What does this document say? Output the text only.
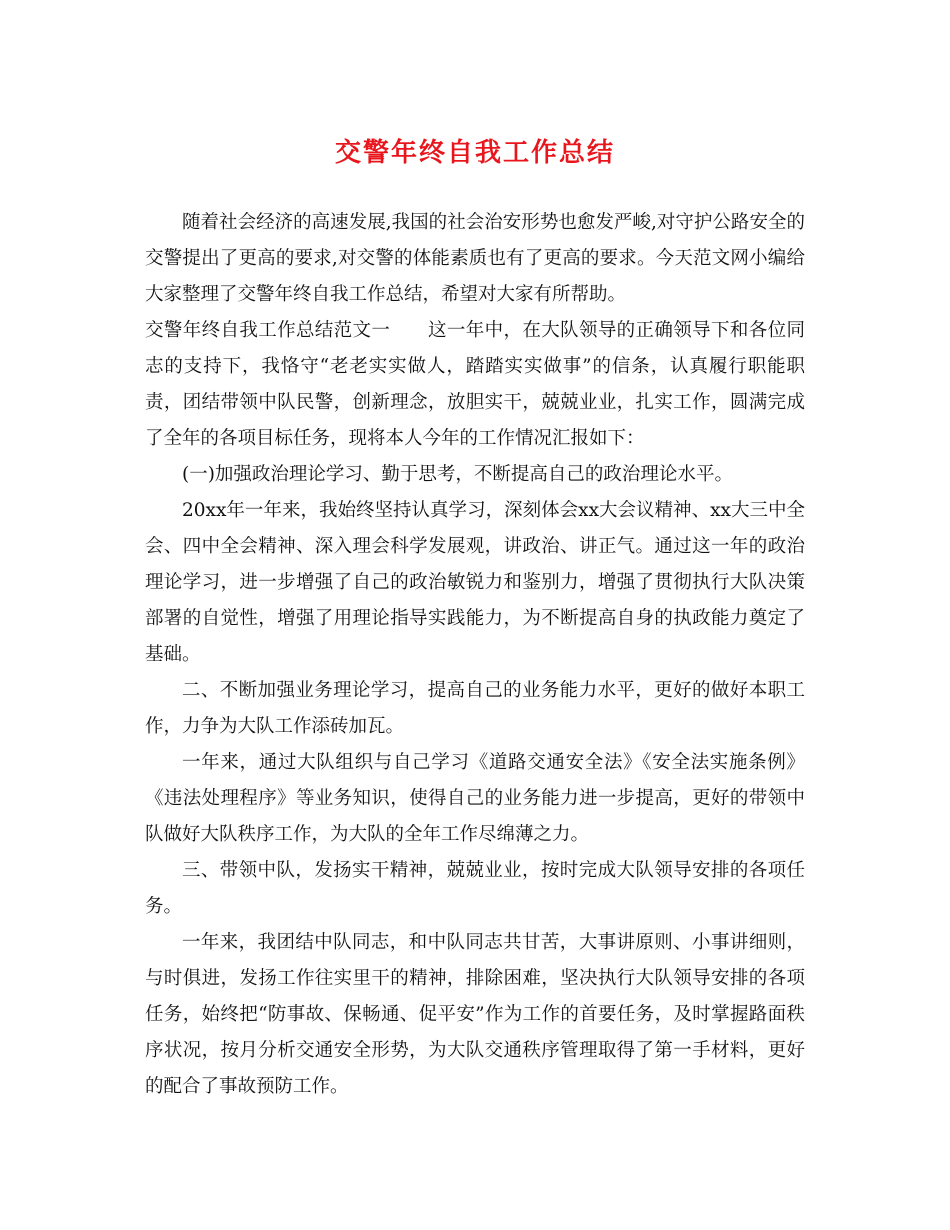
交警年终自我工作总结

随着社会经济的高速发展,我国的社会治安形势也愈发严峻,对守护公路安全的交警提出了更高的要求,对交警的体能素质也有了更高的要求。今天范文网小编给大家整理了交警年终自我工作总结，希望对大家有所帮助。

交警年终自我工作总结范文一　　这一年中，在大队领导的正确领导下和各位同志的支持下，我恪守“老老实实做人，踏踏实实做事”的信条，认真履行职能职责，团结带领中队民警，创新理念，放胆实干，兢兢业业，扎实工作，圆满完成了全年的各项目标任务，现将本人今年的工作情况汇报如下：

(一)加强政治理论学习、勤于思考，不断提高自己的政治理论水平。

20xx年一年来，我始终坚持认真学习，深刻体会xx大会议精神、xx大三中全会、四中全会精神、深入理会科学发展观，讲政治、讲正气。通过这一年的政治理论学习，进一步增强了自己的政治敏锐力和鉴别力，增强了贯彻执行大队决策部署的自觉性，增强了用理论指导实践能力，为不断提高自身的执政能力奠定了基础。

二、不断加强业务理论学习，提高自己的业务能力水平，更好的做好本职工作，力争为大队工作添砖加瓦。

一年来，通过大队组织与自己学习《道路交通安全法》《安全法实施条例》《违法处理程序》等业务知识，使得自己的业务能力进一步提高，更好的带领中队做好大队秩序工作，为大队的全年工作尽绵薄之力。

三、带领中队，发扬实干精神，兢兢业业，按时完成大队领导安排的各项任务。

一年来，我团结中队同志，和中队同志共甘苦，大事讲原则、小事讲细则，与时俱进，发扬工作往实里干的精神，排除困难，坚决执行大队领导安排的各项任务，始终把“防事故、保畅通、促平安”作为工作的首要任务，及时掌握路面秩序状况，按月分析交通安全形势，为大队交通秩序管理取得了第一手材料，更好的配合了事故预防工作。
